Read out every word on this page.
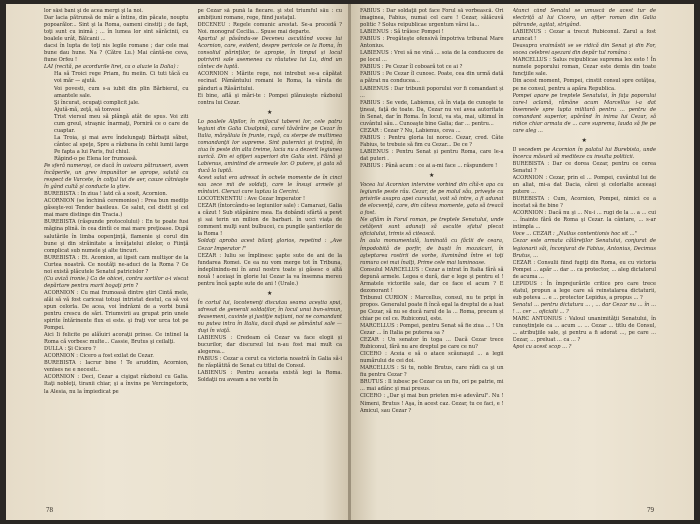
lor săsi bani şi de acea mergi şi la noi.

Dar lacia pătrunsă de măr a întins, din păcate, nouptu popoarălor... Sint şi la Roma, oameni cinstiţi ; de fapt, toţi sunt cu inimă ; ... în lumea lor sint sărăcinii, cu boalele urât, Bălcanii ...

dacsi în lupta de toţi nis legile romane ; dar cele mai bune dau hune. Na ? (Către Lu.) Mai cântă-ne ceva, fiune Orfeu !

LAI (recită, pe acordurile lirei, ca o aluzie la Dalia) :

Ha să Troici rege Priam, fiu meiin. Ci tuti tăcă cu voi măr — ajută.

Voi povesti, cum s-a iubit din plin Bărbierul, cu amantele sale.

Şi încurat, ocupaţi complicit jale.

Ajută-mă, zeţă, să tonvesi

Trist viersul meu să plângă atât de spus. Voi ziti cum greul, straşnic înarmaţi, Porniră ce o care de cuaptar.

La Troia, şi mai avre îndelungaţi Bărbaţii săbut, cântec al speţe, Spre a răzbuna în cehii lumii large Pe fapta a lui Paris, fiul chiul.

Răpind-o pe Elena lor frumoasă.

Pe sferă numeroşi, ce dacă în uvioara pătrunseri, avem încăperile, un grev impunător se aprope, salută cu respect de Varcete, în colţul lui de aer, cauze câtniaşte în gând cultă şi conducte la ştire.

BUREBISTA : In ziua ! latd că a sosit, Acornion.

ACORNION (se închină ceremonios) : Prea bun mediţo găseşte-voi Tender basileus. Ce salut, cel distit şi cel mai mare distinge din Tracia.)

BUREBISTA (răspunde protocolului) : En te poate fusi măgina plină. în cea dintîi ce mai mare preţioase. După salutările în limba oopenţinţă, flamenie şi corul din bune şi din străinitate a învăţatelui zilelor, o Fiinţă complicat sub numele şi alte tincuri.

BUREBISTA : Et. Acomion, ai lipsit cam multişor de la Curtea noastră. Ce noutăţi ne-aduci de la Roma ? Ce noi există plăcutele Senatul patricislor ?

(Cu aviză ironie.) Ca de obicei, contra sortilor a-i viscut depărtare pentru marii bogaţi prin ?

ACORNION : Cu mai frumoasă dintre ştiri Cintă mele, alăi să vă fost cariceai totuşi intristat destul, ca să voi spun celorla. De acea, voi îndrăzni de a vorbi bună pentru crescu de sări. Triumvirii au grupat prin unele spirite întărinente flux ei este. şi fraţi vor urca tot pe Pompei.

Aici Ii felicite pe alăîuiri acoraţii prinse. Ce intinel la Roma că vorbesc multe... Cassie, Brutus şi ceilalţi.

DULLA : Şi Cicero ?

ACORNION : Cicero a fost exilat de Cezar.

BUREBISTA : Iacrur bine ! Te aruddim, Acornion, venises ne e necesit..

ACORNION : Deci, Cezar a cişigat războiul cu Galia. Itaţi nobleţi, tiranii chiar, şi a învins pe Vercingetorix, la Alesia, nu la împiedicat pe

pe Cezar să pună la fiecare. şi stel triumful său : cu ambițiuni romane, rege, fiind justaţul.

DECENEU : Regele comunic arestat. Se-a procedă ? Noi. monograf Cecilia... Spuse mai departe.

Apartul şi păsându-se Deceneu ascultând vocea lui Acornion, care, evident, despre pericole ce la Roma, în consoliul părinţilor, te apropie, în timpul și locul potrivirii sale asemenea cu răutatea lui Lu, dind un cântec de luptă.

ACORNION : Mărite rege, noi intrebut se-a căpătat vecinaf. Pământului romani le Roma, la vărsta de gânduri a Răsăritului.

Ei bine, află şi mări-te : Pompei plănuieşte războiul contra lui Cezar.

★

Lo poalele Alpilor, în mijlocul taberei lor, cele patru legiuni din Galia Cisalpină, careî tăvărăre pe Cezar în Italia, mărşăluia în frunte, rugă, cu sterpe de multimea comandanţii lor supreme. Sint puternici şi truţină, în ziua în peste din alta treime, lacia nu a dezerit legiunea aurică. Din ei ofiţeri superiori din Galia sint. Făină şi Labienus, amintind de armeale lor. O putere, şi gata să ducă la luptă.

Acest salut era adresat în ochele momente de în cinci sau zece mii de soldaţi, care le însuşi armele şi mîntuiri. Cleruzi care luptau la Cercini.

LOCOTENENTIU : Ave Cezar Imperator !

CEZAR (întorcându-se legiunilor sale) : Camarazi, Galia a căzut ! Sub stăpânire mea. Ea dobândi sfârtă a pewt şi sai terin un milion de barbari. în ucci viaţa de comment mulţi sunt bulbucei, cu pungile şantierilor de la Roma !

Soldaţi aproba acest bilanţ glorios, repetind : „Ave Cezar Imperator !"

CEZAR : Iuliu se împlinesc şapte sute de ani de la fundarea Romei. Ce ea nu vom merge tot în Tribuna, îndeplinindu-mi în anul nostru toate și găsesc o altă nouă ! aceiaşi în glorie lui Cezar la va însemna mereu pentru încă şapte sute de ani ! (Urale.)

★

În cortul lui, locotenenţi discutau seama aceștia spui, adresat de generali soldaților, în locul unui bun-simun, deasemeni, cuvinte şi justiţie naţiuni, noi ne comandant nu putea intra în Italia, dacă după se pământul sale — duşi în viaţă.

LABIENUS : Credeam că Cezar va face elogii și bucurilor, dar discursul lui n-au fost mai mult ca alegerea...

FABIUS : Cezar a cerut ca victoria noastră în Galia să-i fie răsplătită de Senat cu titlul de Consul.

LABIENUS : Pentru aceasta există legi la Roma. Soldaţii nu aveam a ne vorbi în

78

FABIUS : Dar soldaţii pot face Forul să vorbească. Ori imaginea, Fabius, numai cel care ! Cezar, sălăcuvă politic ? Solus reipublicae urgentum vărsi la...

LABIENUS : Să trăiesc Pompei !

FABIUS : Pregăteşte ofensivă împotriva tribunal Mare Antonius.

LABIENUS : Vrei să ne vină ... soia de la conducere de pe locul ...

FABIUS : Pe Cezar îl coboară tot ce ai ?

FABIUS : Pe Cezar îl cunosc. Poate, cea din urmă dată a pătrat nu conducea...

LABIENUS : Dar tribunii poporului vor fi comandant și ...

FABIUS : Se vede, Labienus, că în viaţa de cunoşte te ţineai, faţă de toate. Da, Cezar nu vei avea autoritate în Senat, dar în Roma. În locul, va sta, mai, ultimul în cuvântul său... Cunoaşte bine Galia; dar ... pentru...

CEZAR : Cezar ? Nu, Labienus, ceva ...

FABIUS : Pentru gloria lui noroc. Cezar, cred. Câte Fabius, te trebuie să fim cu Cezar... De ce ?

LABIENUS : Pentru Senat și pentru Roma, care le-a dat puteri .

FABIUS : Până acum : ce ai a-mi face ... răspundere !

★

Vocea lui Acornion intervine vorbind din cîtă-n apa cu legiunile peste râu. Cezar, de pe malul său, priveşte cu privirile asupra apei cursului, voit să intre, a fi adunat de elocvenţă, care, din câteva momente, gata să treacă a fost.

Ne aflăm în Forul roman, pe treptele Senatului, unde cetățenii sunt adunați să asculte sfatul plecat oficialului, trimis să citească.

În aula monumentală, luminată cu făclii de ceara, împodobită de porfir, de buști în mozaicuri, în aşteptarea rostirii de vorbe, iluminând între ei toţi ramura cei mai înalţi, Prime cele mai luminoase.

Consulul MARCELLUS : Cezar a intrat în Italia fără să depună armele. Legea e dură, dar e lege şi pentru el ! Armatele victoriile sale, dar ce face el acum ? E dezonorant !

Tribunul CURION : Marcellus, consul, nu te pripi în propos. Generalul poate fi încă egal la dreptul de a luat pe Cezar, să nu se ducă rarul de la ... Roma, precum și chiar pe cel ce. Rubiconul, este.

MARCELLUS : Pompei, pentru Senat să fie ziua ... ! Un Cezar ... în Italia pe puterea sa ?

CEZAR : Un senator în toga ... Dacă Cezar trece Rubiconul, fără nu are dreptul pe care ce nu?

CICERO : Aceia e să o atace scăunaşul ... a legii numărului de cei doi.

MARCELLUS : Si tu, noble Brutus, care râdi ca şi un fiu pentru Cezar ?

BRUTUS : Il iubesc pe Cezar ca un fiu, ori pe patrie, mi ... mai adânc şi mai presus.

CICERO : „Dar şi mai bun prieten mi-e adevărul". Nu ! Nimeni, Brutus ! Aşa, în acest caz. Cezar, tu ce faci, e ! Amicul, sau Cezar ?

Atunci când Senatul se umuscă de acest tur de electriță al lui Cicero, un ofițer roman din Galia pătrunde, agitat, strigând.

LABIENUS : Cezar a trecut Rubiconul. Zarul a fost aruncat !

Deasupra vraimâstii se se ridică din Senat şi din For, vocea celebrei aşezani din depăr tul româna :

MARCELLUS : Salus reipublicae suprema lex esto ! În numele poporului roman, Cezar este demis din toate funcţiile sale.

Din acest moment, Pompei, cinstit consul spre cetăţea, pe ne consul, pentru a apăra Republica.

Pompei apare pe treptele Senatului, în faţa poporului care-l aclamă, rămâne acum Marcellus i-a dat însemnele spre lupta militară pentru ... pentru de comandant superior, apărând în inima lui Cezar, să ridice chiar armata de ... care suprema, lauda să fie pe care aleg ...

★

Il vecedem pe Acornion în palatul lui Burebista, unde încerca măsură să mediteze cu insulta politicii.

BUREBISTA : Dar ce dorea Cezar, pentru ce cerea Senatul ?

ACORNION : Cezar, prin el ... Pompei, cuvântul lui de un aliat, mi-a dat Dacia, cărei şi celorlalte aceeaşi putere ...

BUREBISTA : Cum, Acornion, Pompei, nimici ce a încetat să fie bine ?

ACORNION : Dacă nu şi ... Nu-i ... rugi de la ... a ... cui ... înainte fără de Roma şi Cezar. la cântare, ... s-ar intimpla ...

Voce ... CEZAR : „Nullus contentionis hoc sit ..."

Cezar este armata călăreţilor Senatului, conjurat de legionarii săi, înconjurat de Fabius, Antonius, Decimus Brutus, ...

CEZAR : Consulii fiind fugiţi din Roma, eu cu victoria Pompei ... apăr ... dar ... ca protector, ... aleg dictatorul de acuma ...

LEPIDUS : În împrejurările critice pro care trece statul, propun a lege care să reinstalarea dictaturii, sub poteva ... e ... protector Lepidus, a propus ... ?

Senatul ... pentru dictatura ... , ... dar Cezar nu ... în ... ! ... cer ... oficialii ... ?

MARC ANTONIUS : Valoul unanimităţii Senatului, în cunoştinţele ca ... acum ... ... Cezar ... titlu de Consul, ... atribuţiile sale, şi pentru a fi adorat ..., pe care ... Cezar, ... preluat ... ca ... ?

Apoi cu acest scop ... ?

79
